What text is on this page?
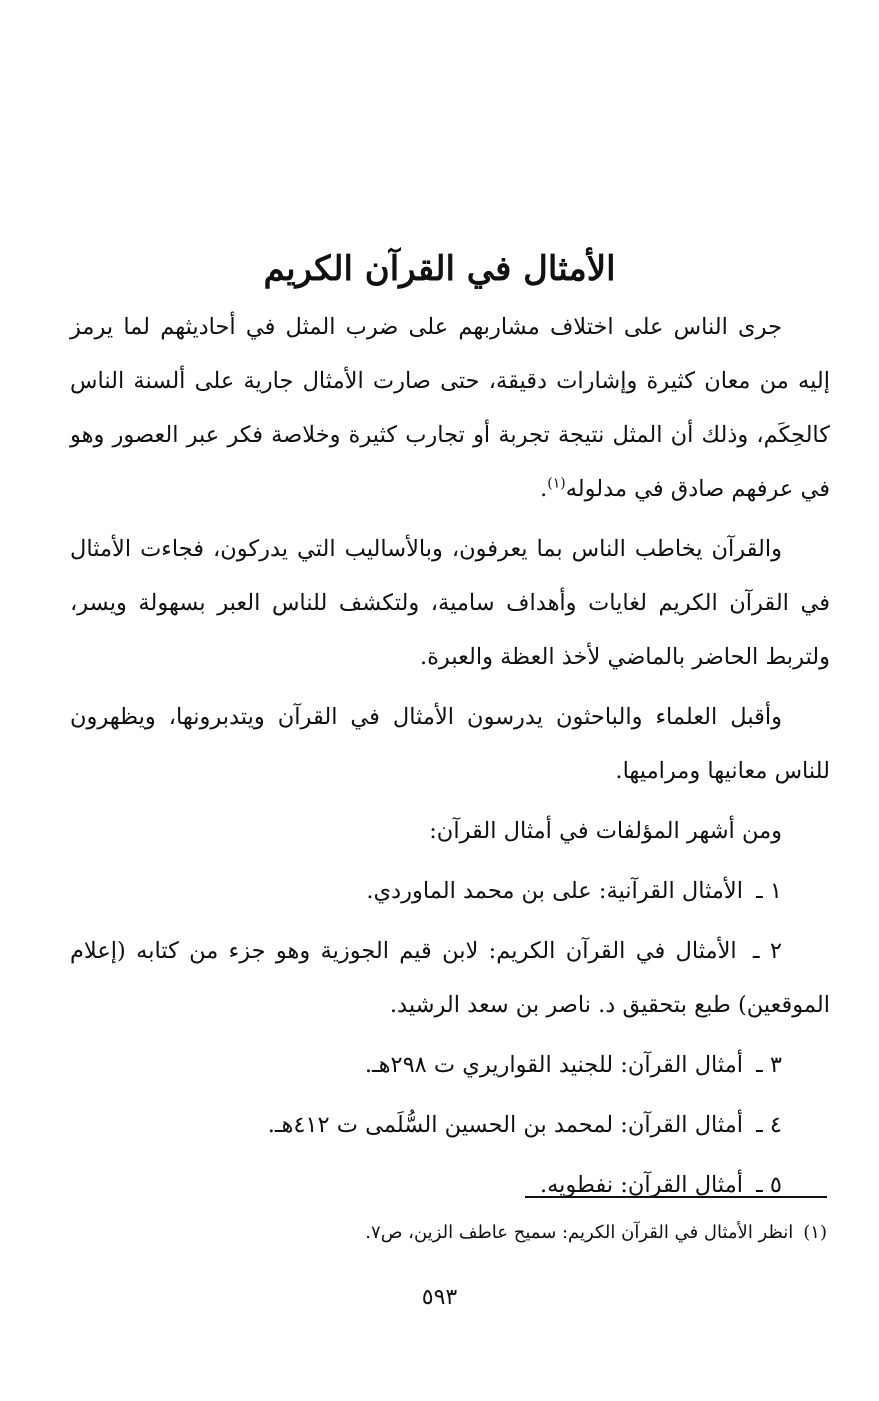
الأمثال في القرآن الكريم

جرى الناس على اختلاف مشاربهم على ضرب المثل في أحاديثهم لما يرمز إليه من معان كثيرة وإشارات دقيقة، حتى صارت الأمثال جارية على ألسنة الناس كالحِكَم، وذلك أن المثل نتيجة تجربة أو تجارب كثيرة وخلاصة فكر عبر العصور وهو في عرفهم صادق في مدلوله$^{(١)}$.

والقرآن يخاطب الناس بما يعرفون، وبالأساليب التي يدركون، فجاءت الأمثال في القرآن الكريم لغايات وأهداف سامية، ولتكشف للناس العبر بسهولة ويسر، ولتربط الحاضر بالماضي لأخذ العظة والعبرة.

وأقبل العلماء والباحثون يدرسون الأمثال في القرآن ويتدبرونها، ويظهرون للناس معانيها ومراميها.

ومن أشهر المؤلفات في أمثال القرآن:

١ ـ الأمثال القرآنية: على بن محمد الماوردي.
٢ ـ الأمثال في القرآن الكريم: لابن قيم الجوزية وهو جزء من كتابه (إعلام الموقعين) طبع بتحقيق د. ناصر بن سعد الرشيد.
٣ ـ أمثال القرآن: للجنيد القواريري ت ٢٩٨هـ.
٤ ـ أمثال القرآن: لمحمد بن الحسين السُّلَمى ت ٤١٢هـ.
٥ ـ أمثال القرآن: نفطويه.
(١)انظر الأمثال في القرآن الكريم: سميح عاطف الزين، ص٧.
٥٩٣
